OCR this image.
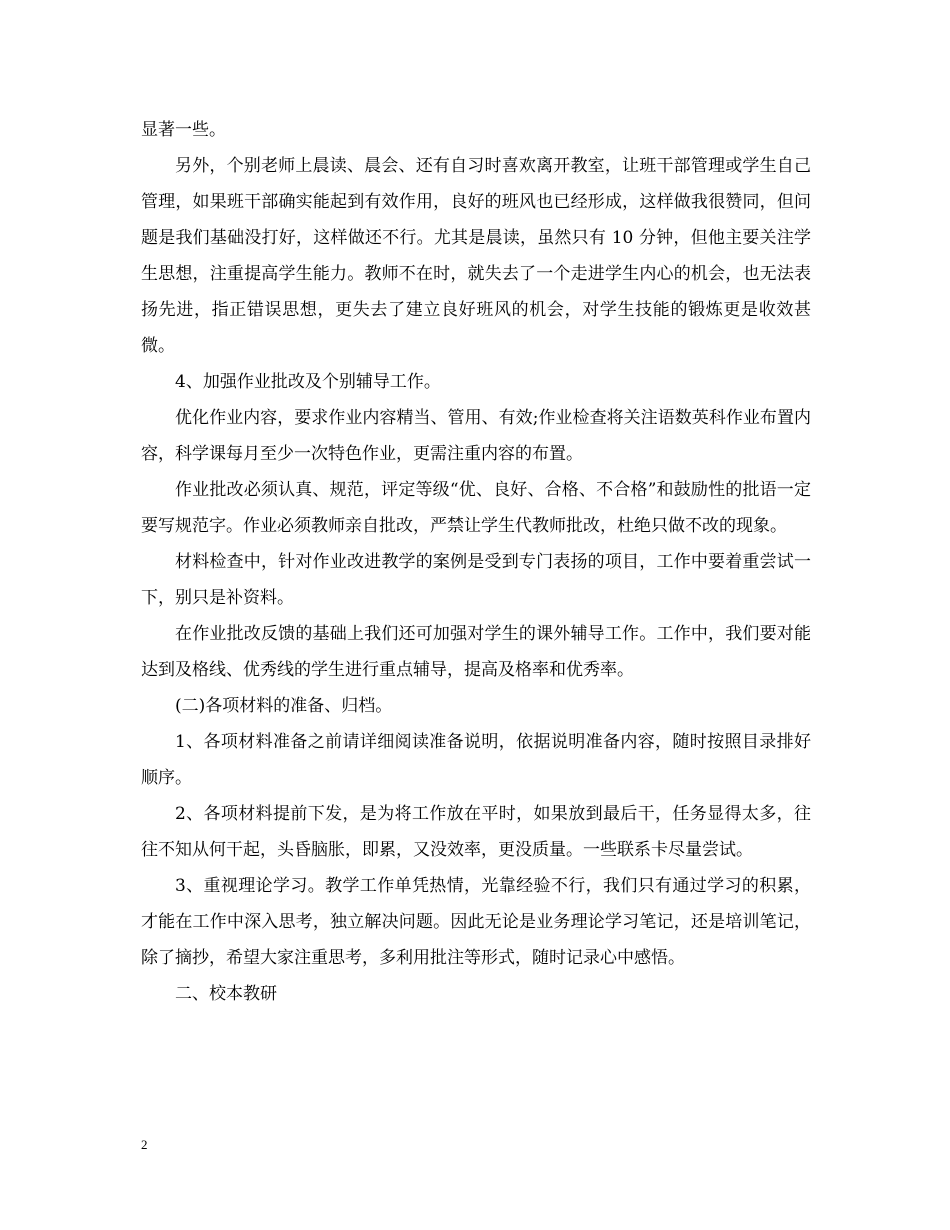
显著一些。

另外，个别老师上晨读、晨会、还有自习时喜欢离开教室，让班干部管理或学生自己管理，如果班干部确实能起到有效作用，良好的班风也已经形成，这样做我很赞同，但问题是我们基础没打好，这样做还不行。尤其是晨读，虽然只有 10 分钟，但他主要关注学生思想，注重提高学生能力。教师不在时，就失去了一个走进学生内心的机会，也无法表扬先进，指正错误思想，更失去了建立良好班风的机会，对学生技能的锻炼更是收效甚微。

4、加强作业批改及个别辅导工作。

优化作业内容，要求作业内容精当、管用、有效;作业检查将关注语数英科作业布置内容，科学课每月至少一次特色作业，更需注重内容的布置。

作业批改必须认真、规范，评定等级“优、良好、合格、不合格”和鼓励性的批语一定要写规范字。作业必须教师亲自批改，严禁让学生代教师批改，杜绝只做不改的现象。

材料检查中，针对作业改进教学的案例是受到专门表扬的项目，工作中要着重尝试一下，别只是补资料。

在作业批改反馈的基础上我们还可加强对学生的课外辅导工作。工作中，我们要对能达到及格线、优秀线的学生进行重点辅导，提高及格率和优秀率。

(二)各项材料的准备、归档。

1、各项材料准备之前请详细阅读准备说明，依据说明准备内容，随时按照目录排好顺序。

2、各项材料提前下发，是为将工作放在平时，如果放到最后干，任务显得太多，往往不知从何干起，头昏脑胀，即累，又没效率，更没质量。一些联系卡尽量尝试。

3、重视理论学习。教学工作单凭热情，光靠经验不行，我们只有通过学习的积累，才能在工作中深入思考，独立解决问题。因此无论是业务理论学习笔记，还是培训笔记，除了摘抄，希望大家注重思考，多利用批注等形式，随时记录心中感悟。

二、校本教研

2
